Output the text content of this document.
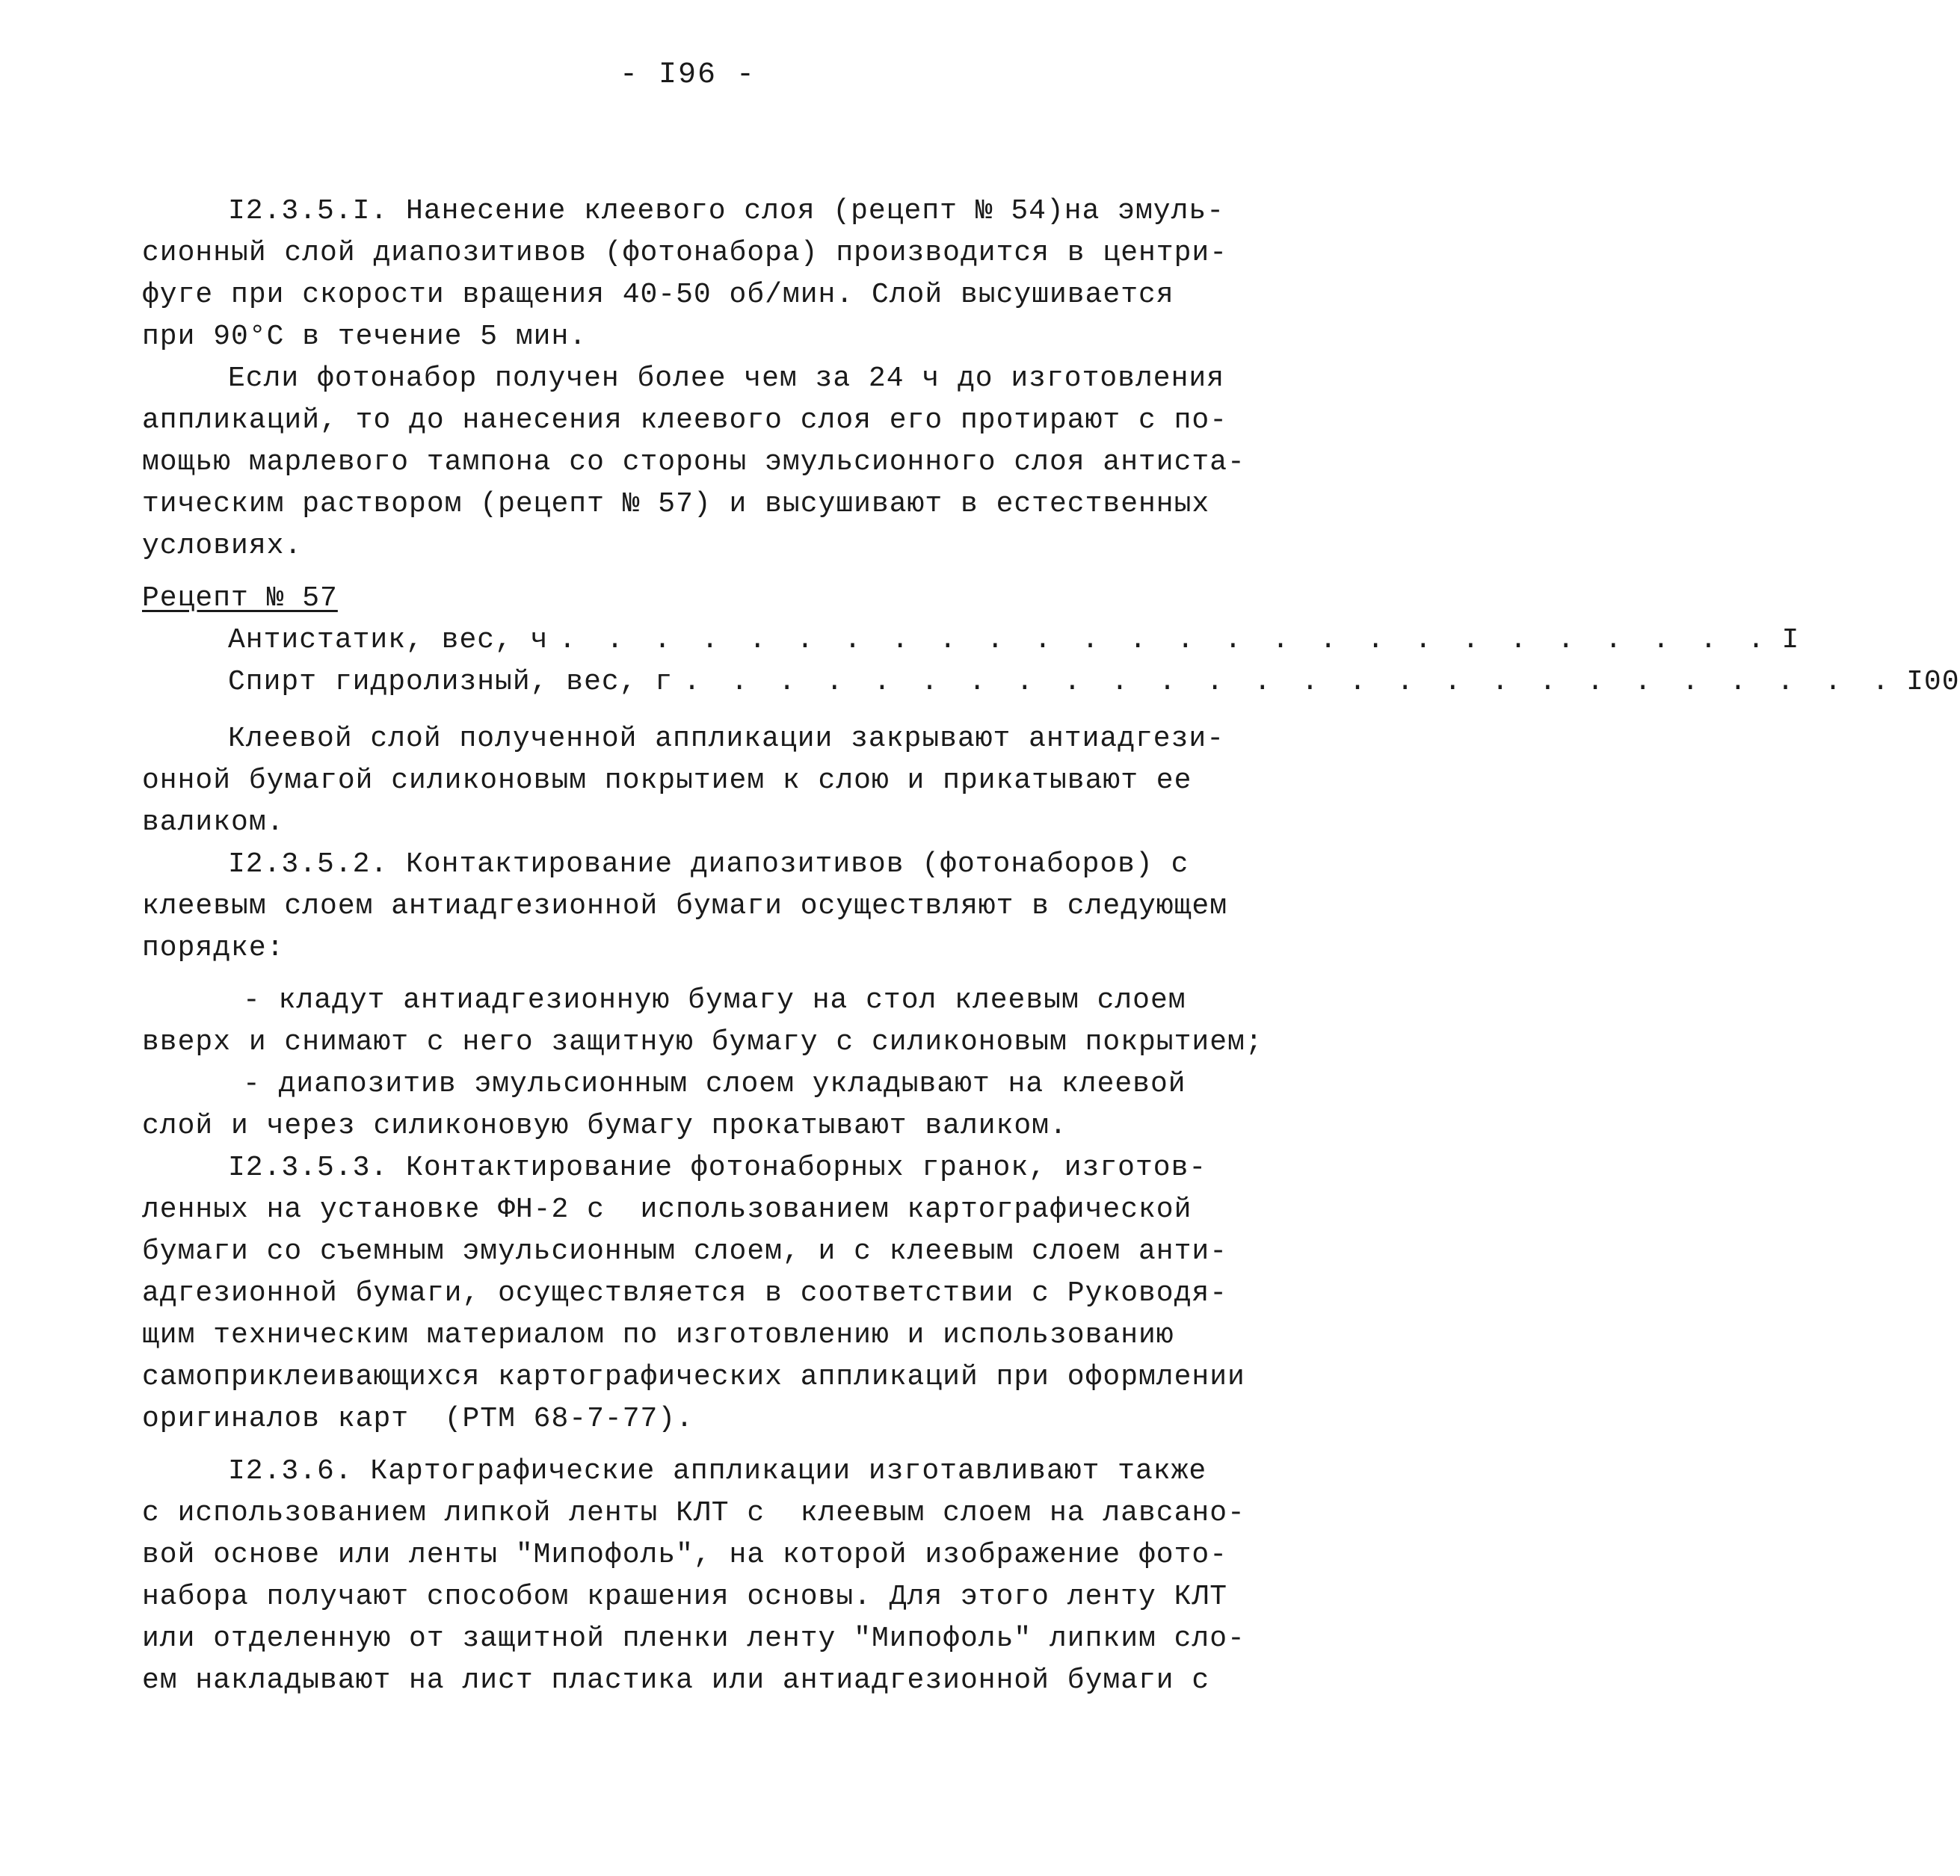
- I96 -
I2.3.5.I. Нанесение клеевого слоя (рецепт № 54)на эмуль-
сионный слой диапозитивов (фотонабора) производится в центри-
фуге при скорости вращения 40-50 об/мин. Слой высушивается
при 90°С в течение 5 мин.
Если фотонабор получен более чем за 24 ч до изготовления
аппликаций, то до нанесения клеевого слоя его протирают с по-
мощью марлевого тампона со стороны эмульсионного слоя антиста-
тическим раствором (рецепт № 57) и высушивают в естественных
условиях.
Рецепт № 57
Антистатик, вес, ч . . . . . . . . . . . . . . . . . . . . . . . . . . I
Спирт гидролизный, вес, г . . . . . . . . . . . . . . . . . . . . . . . . . . I00
Клеевой слой полученной аппликации закрывают антиадгези-
онной бумагой силиконовым покрытием к слою и прикатывают ее
валиком.
I2.3.5.2. Контактирование диапозитивов (фотонаборов) с
клеевым слоем антиадгезионной бумаги осуществляют в следующем
порядке:
- кладут антиадгезионную бумагу на стол клеевым слоем
вверх и снимают с него защитную бумагу с силиконовым покрытием;
- диапозитив эмульсионным слоем укладывают на клеевой
слой и через силиконовую бумагу прокатывают валиком.
I2.3.5.3. Контактирование фотонаборных гранок, изготов-
ленных на установке ФН-2 с  использованием картографической
бумаги со съемным эмульсионным слоем, и с клеевым слоем анти-
адгезионной бумаги, осуществляется в соответствии с Руководя-
щим техническим материалом по изготовлению и использованию
самоприклеивающихся картографических аппликаций при оформлении
оригиналов карт  (РТМ 68-7-77).
I2.3.6. Картографические аппликации изготавливают также
с использованием липкой ленты КЛТ с  клеевым слоем на лавсано-
вой основе или ленты "Мипофоль", на которой изображение фото-
набора получают способом крашения основы. Для этого ленту КЛТ
или отделенную от защитной пленки ленту "Мипофоль" липким сло-
ем накладывают на лист пластика или антиадгезионной бумаги с
